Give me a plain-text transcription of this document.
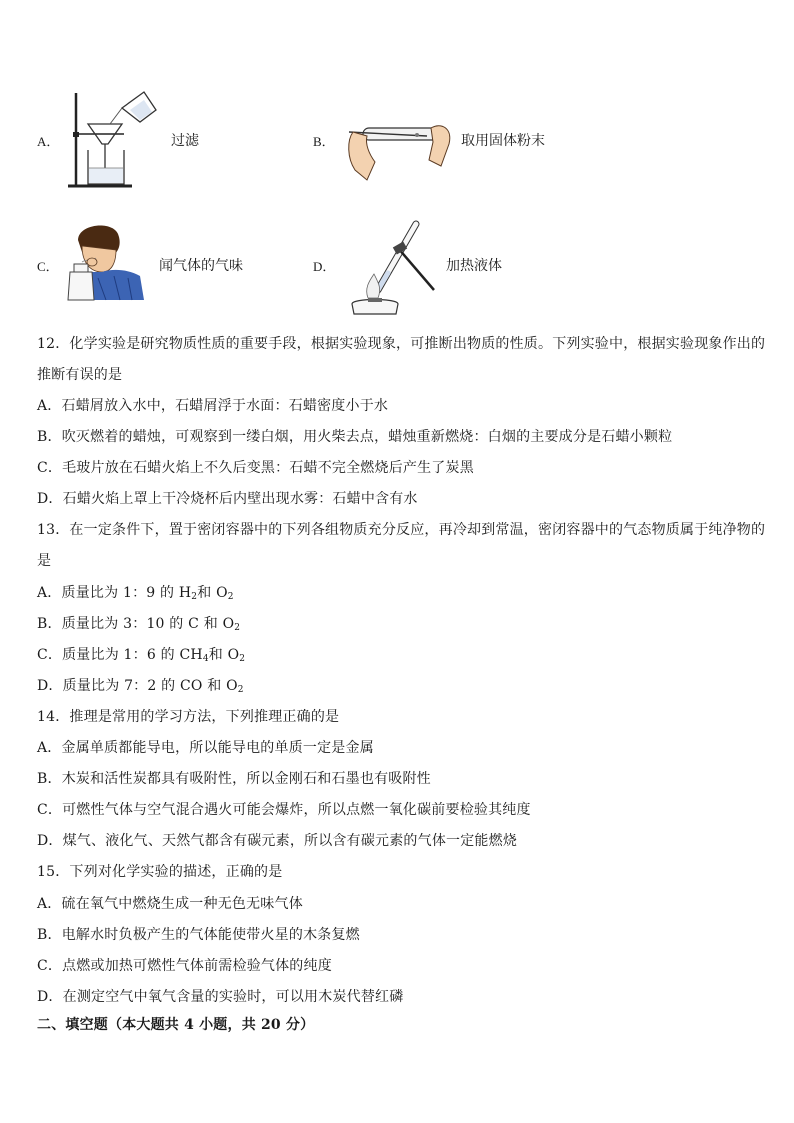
A．	过滤	B．	取用固体粉末
C．	闻气体的气味	D．	加热液体
12．化学实验是研究物质性质的重要手段，根据实验现象，可推断出物质的性质。下列实验中，根据实验现象作出的
推断有误的是
A．石蜡屑放入水中，石蜡屑浮于水面：石蜡密度小于水
B．吹灭燃着的蜡烛，可观察到一缕白烟，用火柴去点，蜡烛重新燃烧：白烟的主要成分是石蜡小颗粒
C．毛玻片放在石蜡火焰上不久后变黑：石蜡不完全燃烧后产生了炭黑
D．石蜡火焰上罩上干冷烧杯后内壁出现水雾：石蜡中含有水
13．在一定条件下，置于密闭容器中的下列各组物质充分反应，再冷却到常温，密闭容器中的气态物质属于纯净物的
是
A．质量比为 1：9 的 $H_2$和 $O_2$
B．质量比为 3：10 的 C 和 $O_2$
C．质量比为 1：6 的 $CH_4$和 $O_2$
D．质量比为 7：2 的 CO 和 $O_2$
14．推理是常用的学习方法，下列推理正确的是
A．金属单质都能导电，所以能导电的单质一定是金属
B．木炭和活性炭都具有吸附性，所以金刚石和石墨也有吸附性
C．可燃性气体与空气混合遇火可能会爆炸，所以点燃一氧化碳前要检验其纯度
D．煤气、液化气、天然气都含有碳元素，所以含有碳元素的气体一定能燃烧
15．下列对化学实验的描述，正确的是
A．硫在氧气中燃烧生成一种无色无味气体
B．电解水时负极产生的气体能使带火星的木条复燃
C．点燃或加热可燃性气体前需检验气体的纯度
D．在测定空气中氧气含量的实验时，可以用木炭代替红磷
二、填空题（本大题共 4 小题，共 20 分）
